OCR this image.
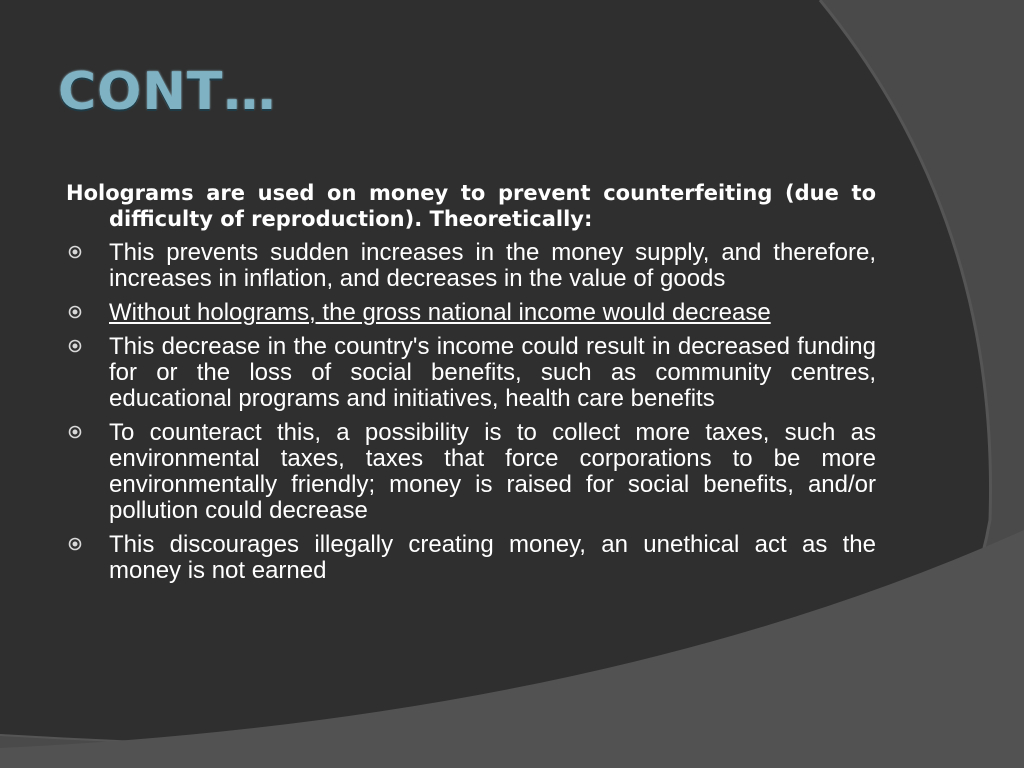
CONT…

Holograms are used on money to prevent counterfeiting (due to difficulty of reproduction). Theoretically:

This prevents sudden increases in the money supply, and therefore, increases in inflation, and decreases in the value of goods
Without holograms, the gross national income would decrease
This decrease in the country's income could result in decreased funding for or the loss of social benefits, such as community centres, educational programs and initiatives, health care benefits
To counteract this, a possibility is to collect more taxes, such as environmental taxes, taxes that force corporations to be more environmentally friendly; money is raised for social benefits, and/or pollution could decrease
This discourages illegally creating money, an unethical act as the money is not earned
